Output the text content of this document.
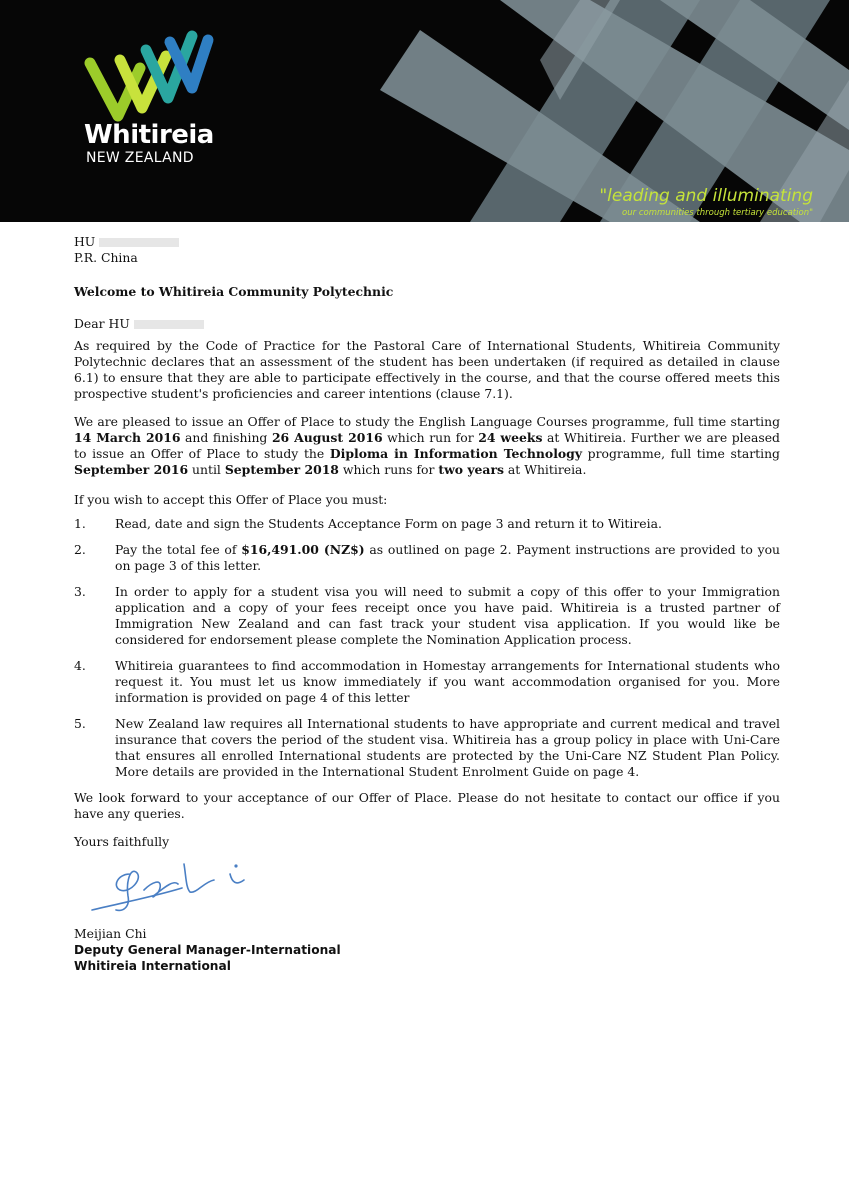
Whitireia
NEW ZEALAND
"leading and illuminating
our communities through tertiary education"
HU
P.R. China
Welcome to Whitireia Community Polytechnic
Dear HU

As required by the Code of Practice for the Pastoral Care of International Students, Whitireia Community Polytechnic declares that an assessment of the student has been undertaken (if required as detailed in clause 6.1) to ensure that they are able to participate effectively in the course, and that the course offered meets this prospective student's proficiencies and career intentions (clause 7.1).

We are pleased to issue an Offer of Place to study the English Language Courses programme, full time starting 14 March 2016 and finishing 26 August 2016 which run for 24 weeks at Whitireia. Further we are pleased to issue an Offer of Place to study the Diploma in Information Technology programme, full time starting September 2016 until September 2018 which runs for two years at Whitireia.

If you wish to accept this Offer of Place you must:
1. Read, date and sign the Students Acceptance Form on page 3 and return it to Witireia.
2. Pay the total fee of $16,491.00 (NZ$) as outlined on page 2. Payment instructions are provided to you on page 3 of this letter.
3. In order to apply for a student visa you will need to submit a copy of this offer to your Immigration application and a copy of your fees receipt once you have paid. Whitireia is a trusted partner of Immigration New Zealand and can fast track your student visa application. If you would like be considered for endorsement please complete the Nomination Application process.
4. Whitireia guarantees to find accommodation in Homestay arrangements for International students who request it. You must let us know immediately if you want accommodation organised for you. More information is provided on page 4 of this letter
5. New Zealand law requires all International students to have appropriate and current medical and travel insurance that covers the period of the student visa. Whitireia has a group policy in place with Uni-Care that ensures all enrolled International students are protected by the Uni-Care NZ Student Plan Policy. More details are provided in the International Student Enrolment Guide on page 4.

We look forward to your acceptance of our Offer of Place. Please do not hesitate to contact our office if you have any queries.

Yours faithfully
Meijian Chi
Deputy General Manager-International
Whitireia International
